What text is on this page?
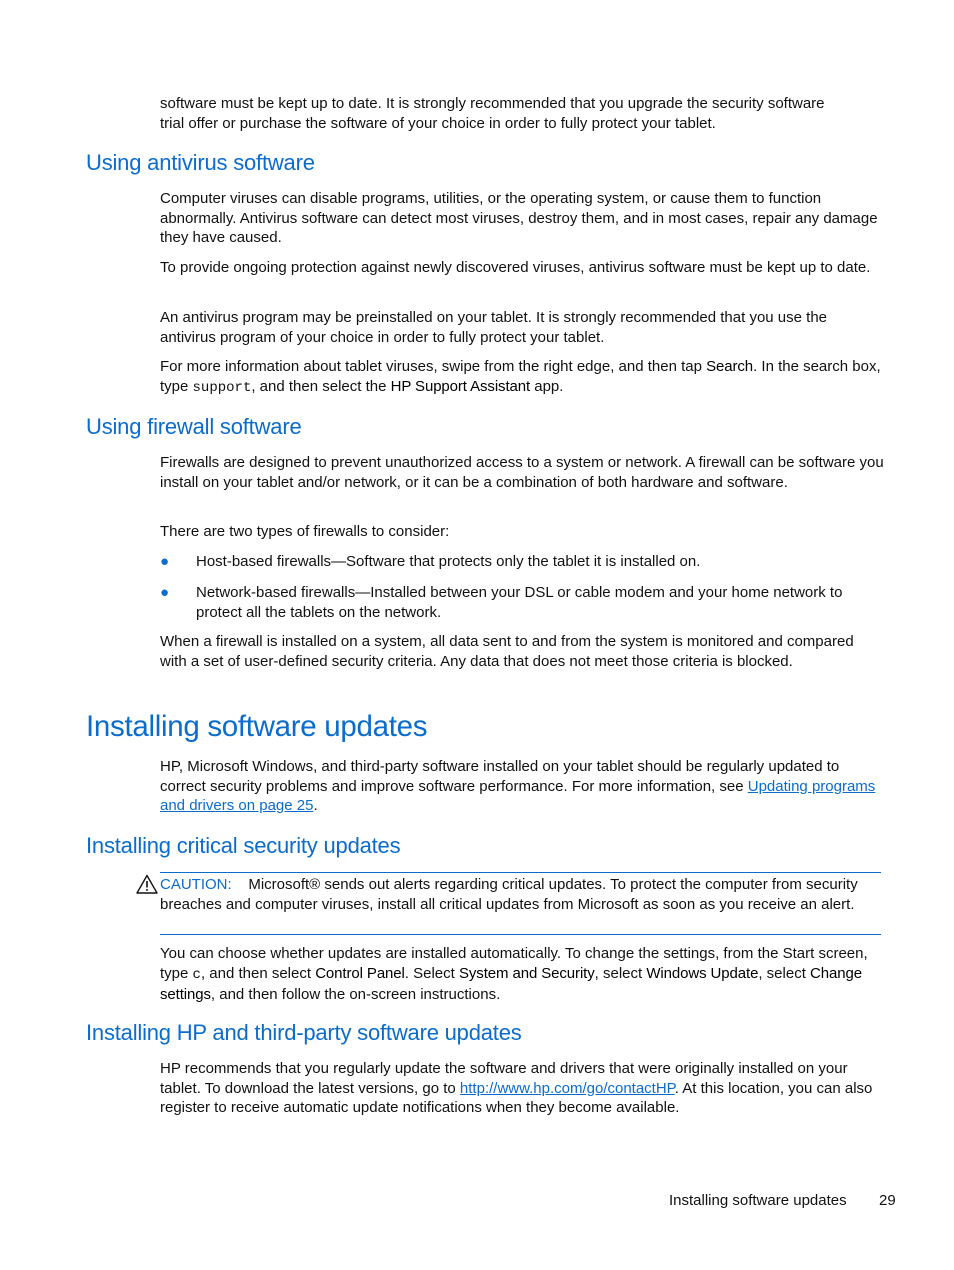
software must be kept up to date. It is strongly recommended that you upgrade the security software
trial offer or purchase the software of your choice in order to fully protect your tablet.

Using antivirus software

Computer viruses can disable programs, utilities, or the operating system, or cause them to function abnormally. Antivirus software can detect most viruses, destroy them, and in most cases, repair any damage they have caused.

To provide ongoing protection against newly discovered viruses, antivirus software must be kept up to date.

An antivirus program may be preinstalled on your tablet. It is strongly recommended that you use the antivirus program of your choice in order to fully protect your tablet.

For more information about tablet viruses, swipe from the right edge, and then tap Search. In the search box, type support, and then select the HP Support Assistant app.

Using firewall software

Firewalls are designed to prevent unauthorized access to a system or network. A firewall can be software you install on your tablet and/or network, or it can be a combination of both hardware and software.

There are two types of firewalls to consider:

● Host-based firewalls—Software that protects only the tablet it is installed on.

● Network-based firewalls—Installed between your DSL or cable modem and your home network to protect all the tablets on the network.

When a firewall is installed on a system, all data sent to and from the system is monitored and compared with a set of user-defined security criteria. Any data that does not meet those criteria is blocked.

Installing software updates

HP, Microsoft Windows, and third-party software installed on your tablet should be regularly updated to correct security problems and improve software performance. For more information, see Updating programs and drivers on page 25.

Installing critical security updates

CAUTION: Microsoft® sends out alerts regarding critical updates. To protect the computer from security breaches and computer viruses, install all critical updates from Microsoft as soon as you receive an alert.

You can choose whether updates are installed automatically. To change the settings, from the Start screen, type c, and then select Control Panel. Select System and Security, select Windows Update, select Change settings, and then follow the on-screen instructions.

Installing HP and third-party software updates

HP recommends that you regularly update the software and drivers that were originally installed on your tablet. To download the latest versions, go to http://www.hp.com/go/contactHP. At this location, you can also register to receive automatic update notifications when they become available.

Installing software updates 29
